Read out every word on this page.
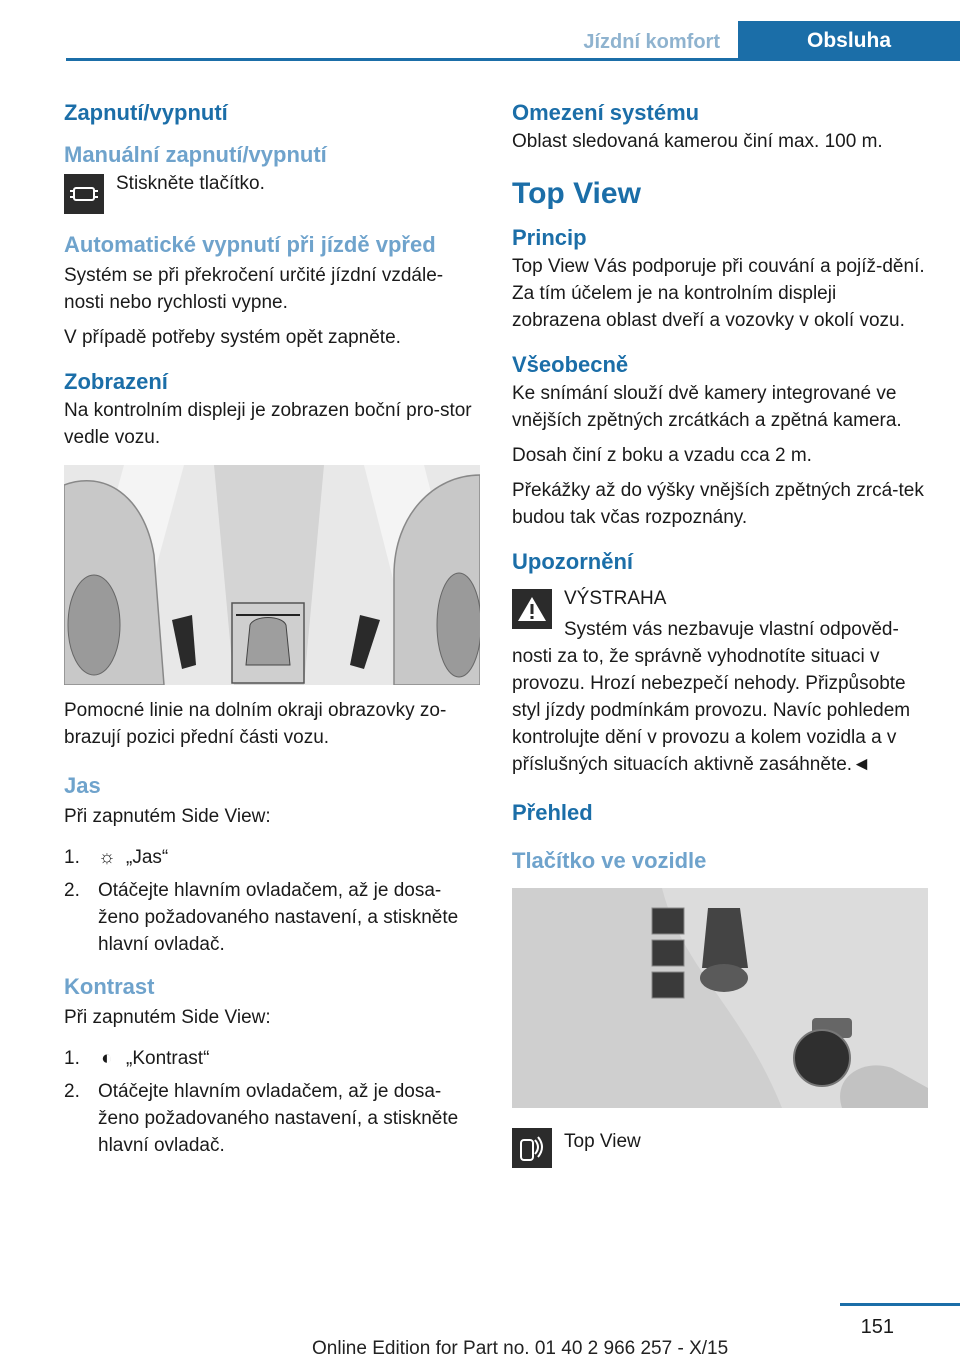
Jízdní komfort	Obsluha
Zapnutí/vypnutí
Manuální zapnutí/vypnutí

Stiskněte tlačítko.

Automatické vypnutí při jízdě vpřed

Systém se při překročení určité jízdní vzdále-nosti nebo rychlosti vypne.

V případě potřeby systém opět zapněte.

Zobrazení

Na kontrolním displeji je zobrazen boční pro-stor vedle vozu.

Pomocné linie na dolním okraji obrazovky zo-brazují pozici přední části vozu.

Jas

Při zapnutém Side View:

1. ☼ „Jas“
2. Otáčejte hlavním ovladačem, až je dosa-ženo požadovaného nastavení, a stiskněte hlavní ovladač.
Kontrast

Při zapnutém Side View:

1.	◐ „Kontrast“
2. Otáčejte hlavním ovladačem, až je dosa-ženo požadovaného nastavení, a stiskněte hlavní ovladač.
Omezení systému

Oblast sledovaná kamerou činí max. 100 m.

Top View
Princip

Top View Vás podporuje při couvání a pojíž-dění. Za tím účelem je na kontrolním displeji zobrazena oblast dveří a vozovky v okolí vozu.

Všeobecně

Ke snímání slouží dvě kamery integrované ve vnějších zpětných zrcátkách a zpětná kamera.

Dosah činí z boku a vzadu cca 2 m.

Překážky až do výšky vnějších zpětných zrcá-tek budou tak včas rozpoznány.

Upozornění

VÝSTRAHA

Systém vás nezbavuje vlastní odpověd-

nosti za to, že správně vyhodnotíte situaci v provozu. Hrozí nebezpečí nehody. Přizpůsobte styl jízdy podmínkám provozu. Navíc pohledem kontrolujte dění v provozu a kolem vozidla a v příslušných situacích aktivně zasáhněte.◄

Přehled
Tlačítko ve vozidle

Top View

151
Online Edition for Part no. 01 40 2 966 257 - X/15
